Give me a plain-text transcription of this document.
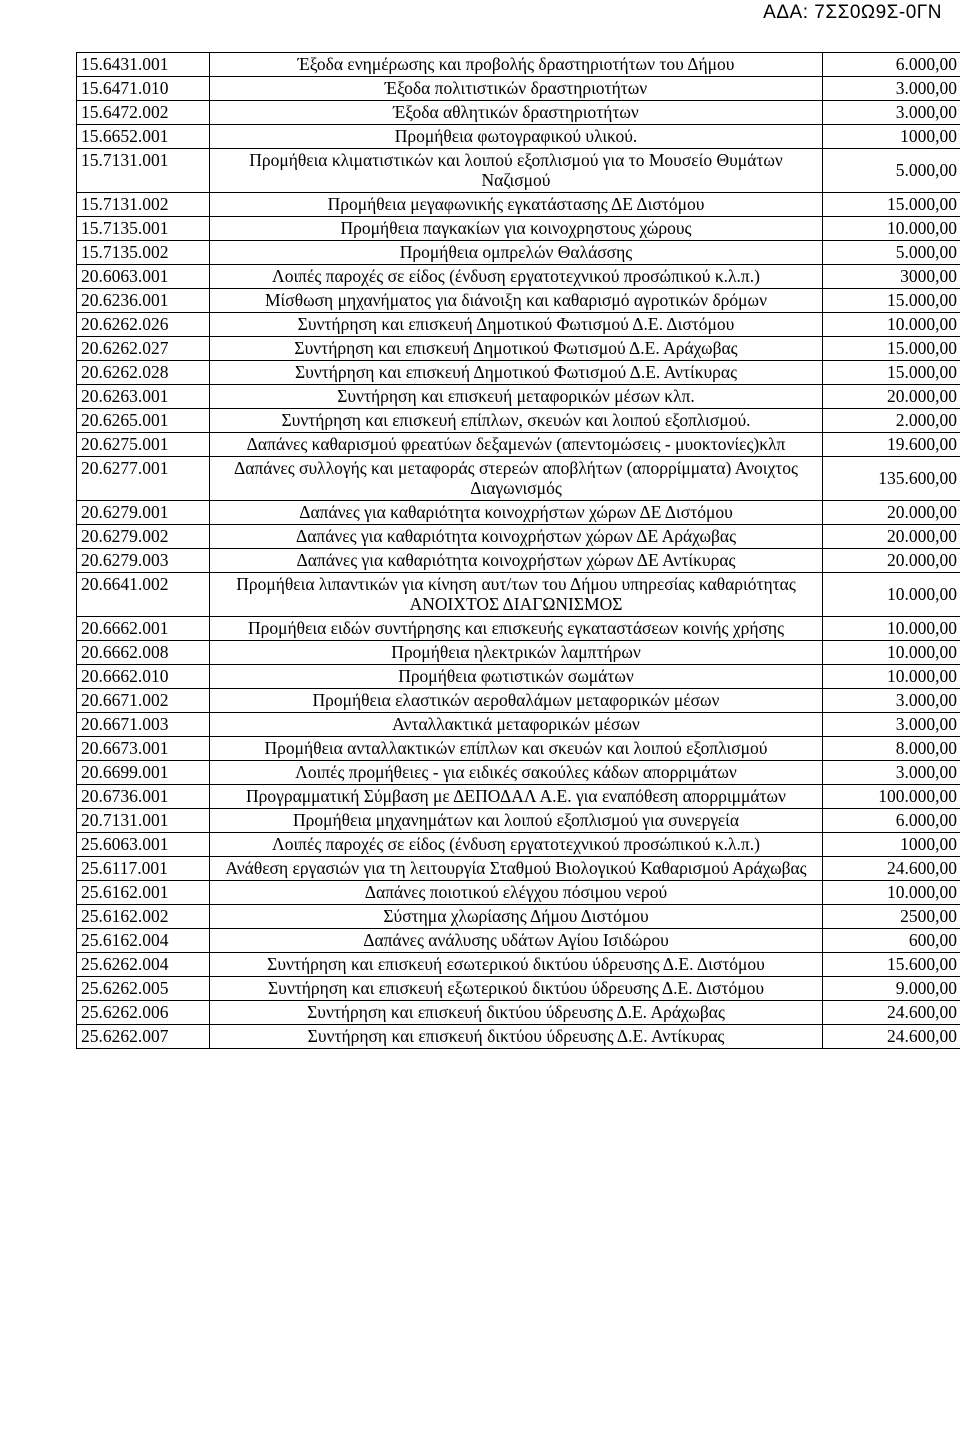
ΑΔΑ: 7ΣΣ0Ω9Σ-0ΓΝ
15.6431.001	Έξοδα ενημέρωσης και προβολής δραστηριοτήτων του Δήμου	6.000,00
15.6471.010	Έξοδα πολιτιστικών δραστηριοτήτων	3.000,00
15.6472.002	Έξοδα αθλητικών δραστηριοτήτων	3.000,00
15.6652.001	Προμήθεια φωτογραφικού υλικού.	1000,00
15.7131.001	Προμήθεια κλιματιστικών και λοιπού εξοπλισμού για το Μουσείο Θυμάτων Ναζισμού	5.000,00
15.7131.002	Προμήθεια μεγαφωνικής εγκατάστασης ΔΕ Διστόμου	15.000,00
15.7135.001	Προμήθεια παγκακίων για κοινοχρηστους χώρους	10.000,00
15.7135.002	Προμήθεια ομπρελών Θαλάσσης	5.000,00
20.6063.001	Λοιπές παροχές σε είδος (ένδυση εργατοτεχνικού προσώπικού κ.λ.π.)	3000,00
20.6236.001	Μίσθωση μηχανήματος για διάνοιξη και καθαρισμό αγροτικών δρόμων	15.000,00
20.6262.026	Συντήρηση και επισκευή Δημοτικού Φωτισμού Δ.Ε. Διστόμου	10.000,00
20.6262.027	Συντήρηση και επισκευή Δημοτικού Φωτισμού Δ.Ε. Αράχωβας	15.000,00
20.6262.028	Συντήρηση και επισκευή Δημοτικού Φωτισμού Δ.Ε. Αντίκυρας	15.000,00
20.6263.001	Συντήρηση και επισκευή μεταφορικών μέσων κλπ.	20.000,00
20.6265.001	Συντήρηση και επισκευή επίπλων, σκευών και λοιπού εξοπλισμού.	2.000,00
20.6275.001	Δαπάνες καθαρισμού φρεατύων δεξαμενών (απεντομώσεις - μυοκτονίες)κλπ	19.600,00
20.6277.001	Δαπάνες συλλογής και μεταφοράς στερεών αποβλήτων (απορρίμματα) Ανοιχτος Διαγωνισμός	135.600,00
20.6279.001	Δαπάνες για καθαριότητα κοινοχρήστων χώρων ΔΕ Διστόμου	20.000,00
20.6279.002	Δαπάνες για καθαριότητα κοινοχρήστων χώρων ΔΕ Αράχωβας	20.000,00
20.6279.003	Δαπάνες για καθαριότητα κοινοχρήστων χώρων ΔΕ Αντίκυρας	20.000,00
20.6641.002	Προμήθεια λιπαντικών για κίνηση αυτ/των του Δήμου υπηρεσίας καθαριότητας ΑΝΟΙΧΤΟΣ ΔΙΑΓΩΝΙΣΜΟΣ	10.000,00
20.6662.001	Προμήθεια ειδών συντήρησης και επισκευής εγκαταστάσεων κοινής χρήσης	10.000,00
20.6662.008	Προμήθεια ηλεκτρικών λαμπτήρων	10.000,00
20.6662.010	Προμήθεια φωτιστικών σωμάτων	10.000,00
20.6671.002	Προμήθεια ελαστικών αεροθαλάμων μεταφορικών μέσων	3.000,00
20.6671.003	Ανταλλακτικά μεταφορικών μέσων	3.000,00
20.6673.001	Προμήθεια ανταλλακτικών επίπλων και σκευών και λοιπού εξοπλισμού	8.000,00
20.6699.001	Λοιπές προμήθειες - για ειδικές σακούλες κάδων απορριμάτων	3.000,00
20.6736.001	Προγραμματική Σύμβαση με ΔΕΠΟΔΑΛ Α.Ε. για εναπόθεση απορριμμάτων	100.000,00
20.7131.001	Προμήθεια μηχανημάτων και λοιπού εξοπλισμού για συνεργεία	6.000,00
25.6063.001	Λοιπές παροχές σε είδος (ένδυση εργατοτεχνικού προσώπικού κ.λ.π.)	1000,00
25.6117.001	Ανάθεση εργασιών για τη λειτουργία Σταθμού Βιολογικού Καθαρισμού Αράχωβας	24.600,00
25.6162.001	Δαπάνες ποιοτικού ελέγχου πόσιμου νερού	10.000,00
25.6162.002	Σύστημα χλωρίασης Δήμου Διστόμου	2500,00
25.6162.004	Δαπάνες ανάλυσης υδάτων Αγίου Ισιδώρου	600,00
25.6262.004	Συντήρηση και επισκευή εσωτερικού δικτύου ύδρευσης Δ.Ε. Διστόμου	15.600,00
25.6262.005	Συντήρηση και επισκευή εξωτερικού δικτύου ύδρευσης Δ.Ε. Διστόμου	9.000,00
25.6262.006	Συντήρηση και επισκευή δικτύου ύδρευσης Δ.Ε. Αράχωβας	24.600,00
25.6262.007	Συντήρηση και επισκευή δικτύου ύδρευσης Δ.Ε. Αντίκυρας	24.600,00
